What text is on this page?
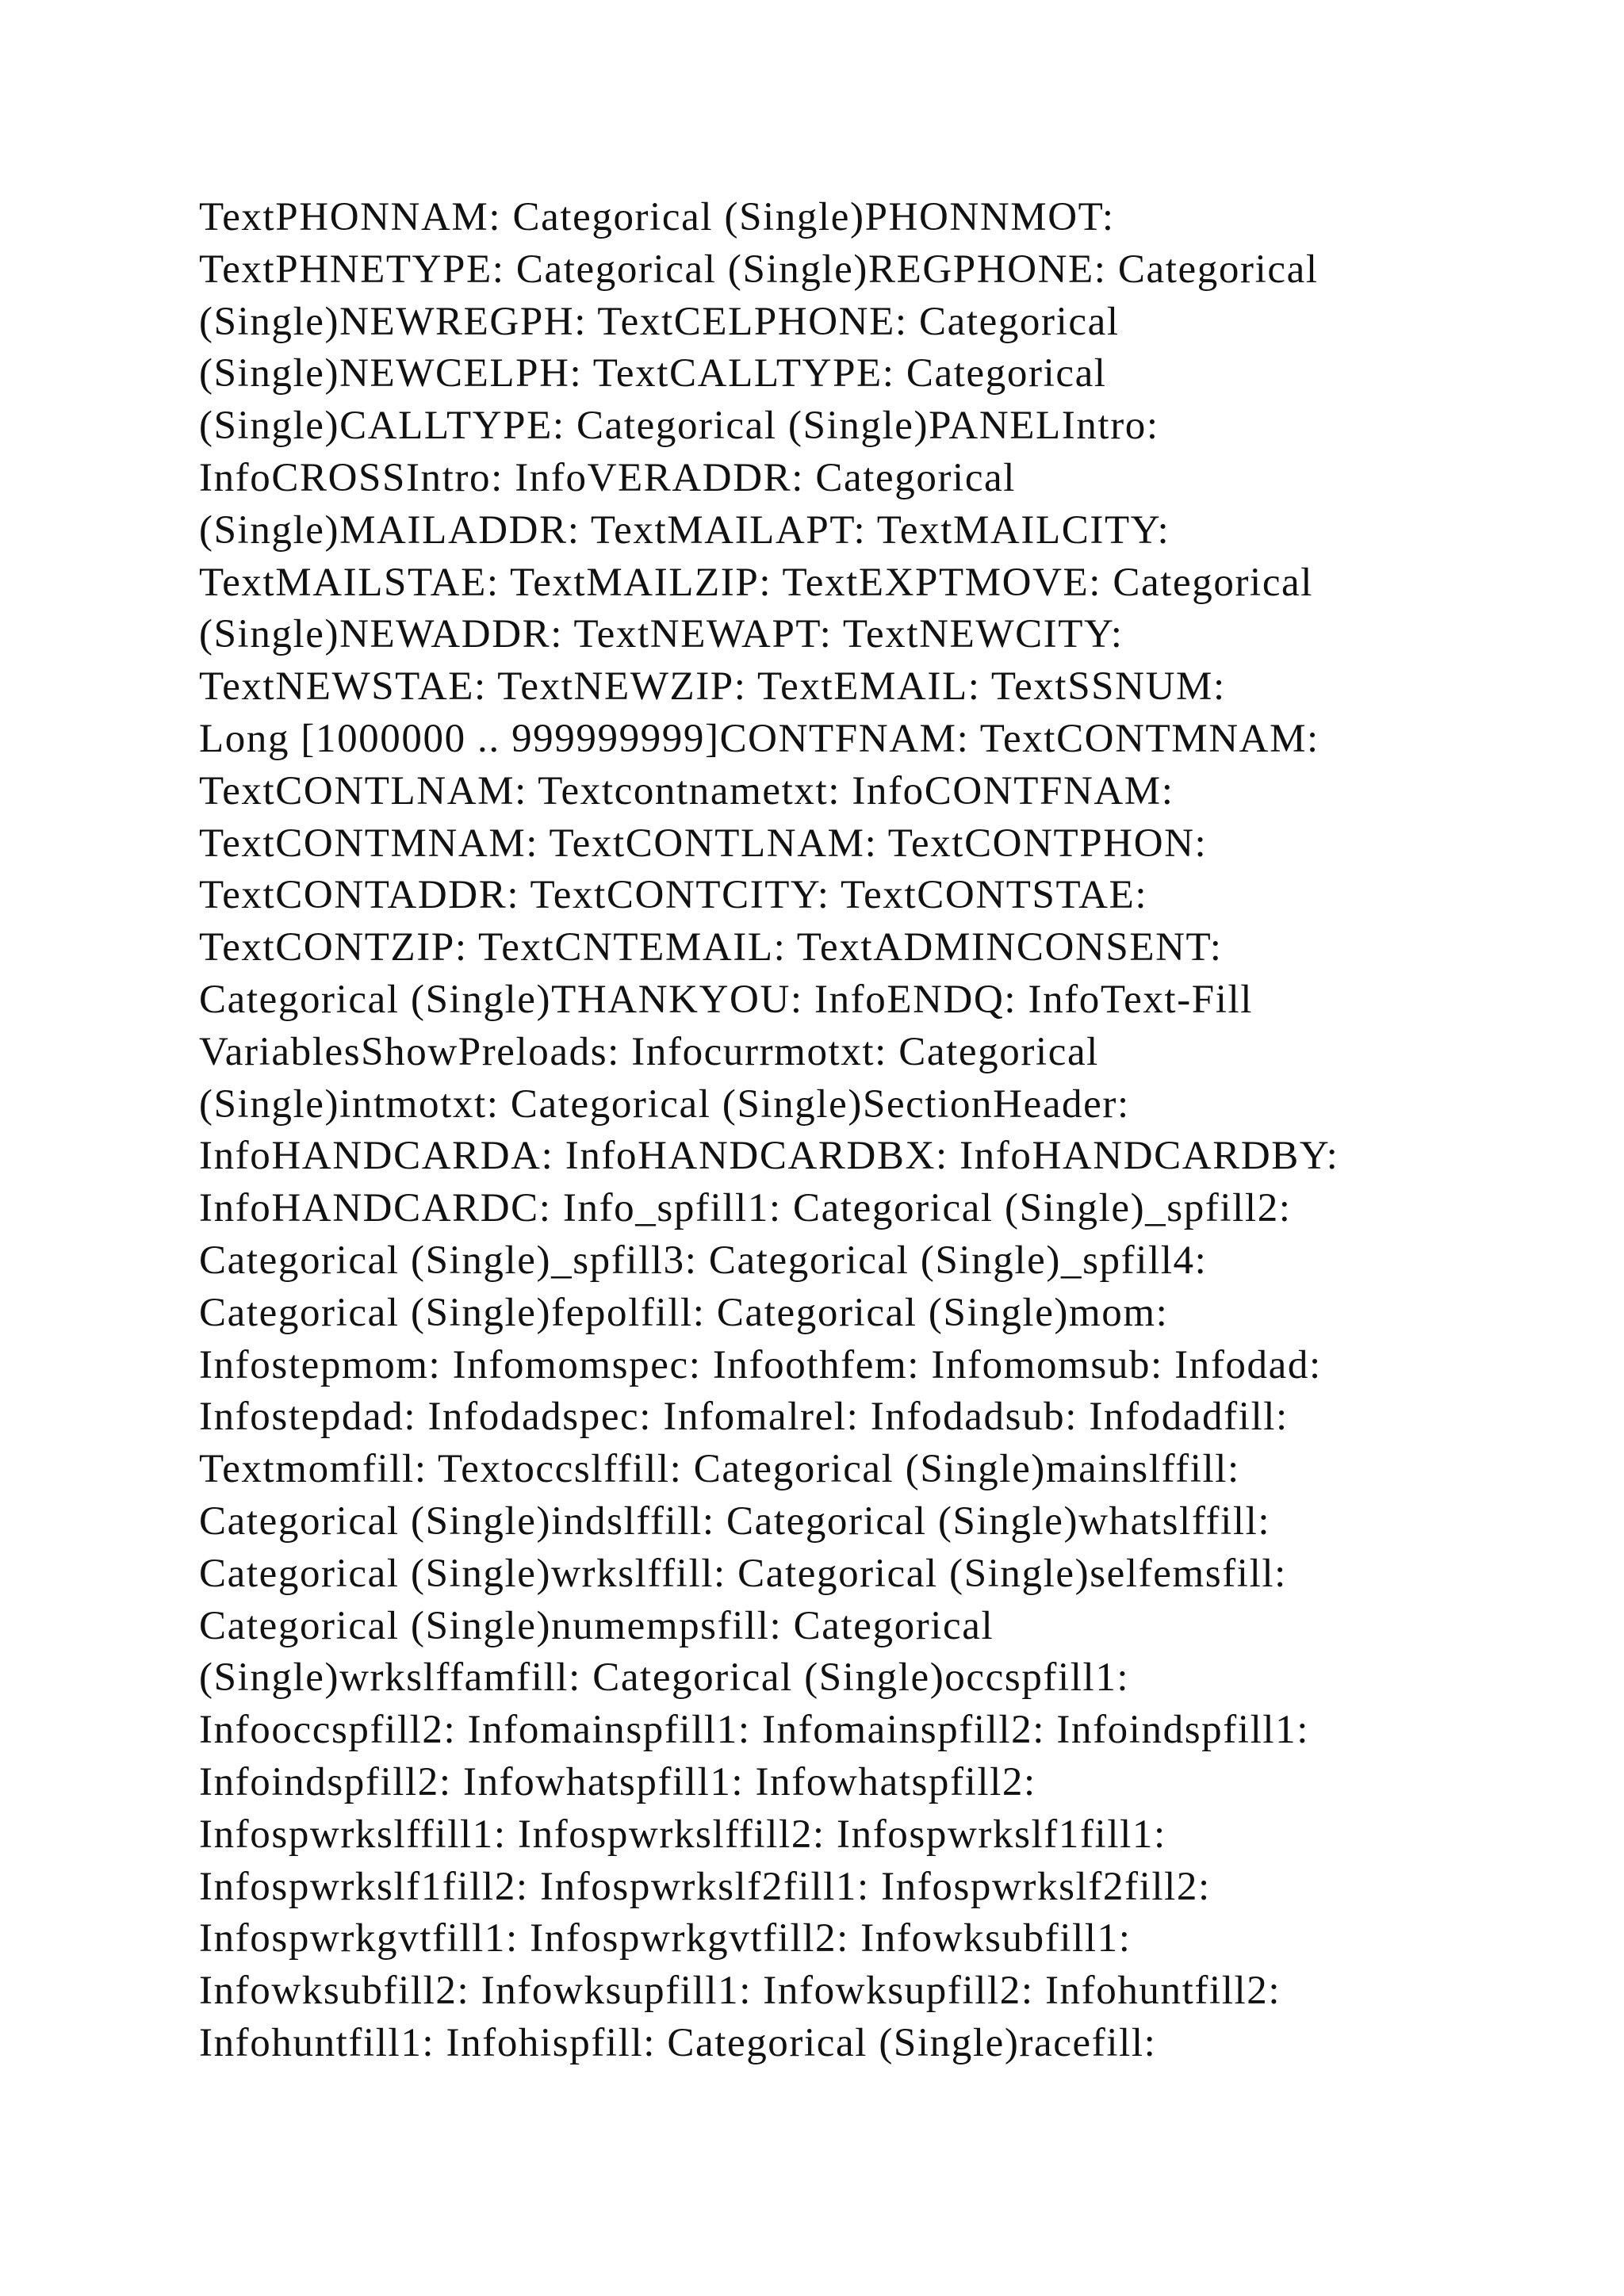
TextPHONNAM: Categorical (Single)PHONNMOT:
TextPHNETYPE: Categorical (Single)REGPHONE: Categorical
(Single)NEWREGPH: TextCELPHONE: Categorical
(Single)NEWCELPH: TextCALLTYPE: Categorical
(Single)CALLTYPE: Categorical (Single)PANELIntro:
InfoCROSSIntro: InfoVERADDR: Categorical
(Single)MAILADDR: TextMAILAPT: TextMAILCITY:
TextMAILSTAE: TextMAILZIP: TextEXPTMOVE: Categorical
(Single)NEWADDR: TextNEWAPT: TextNEWCITY:
TextNEWSTAE: TextNEWZIP: TextEMAIL: TextSSNUM:
Long [1000000 .. 999999999]CONTFNAM: TextCONTMNAM:
TextCONTLNAM: Textcontnametxt: InfoCONTFNAM:
TextCONTMNAM: TextCONTLNAM: TextCONTPHON:
TextCONTADDR: TextCONTCITY: TextCONTSTAE:
TextCONTZIP: TextCNTEMAIL: TextADMINCONSENT:
Categorical (Single)THANKYOU: InfoENDQ: InfoText-Fill
VariablesShowPreloads: Infocurrmotxt: Categorical
(Single)intmotxt: Categorical (Single)SectionHeader:
InfoHANDCARDA: InfoHANDCARDBX: InfoHANDCARDBY:
InfoHANDCARDC: Info_spfill1: Categorical (Single)_spfill2:
Categorical (Single)_spfill3: Categorical (Single)_spfill4:
Categorical (Single)fepolfill: Categorical (Single)mom:
Infostepmom: Infomomspec: Infoothfem: Infomomsub: Infodad:
Infostepdad: Infodadspec: Infomalrel: Infodadsub: Infodadfill:
Textmomfill: Textoccslffill: Categorical (Single)mainslffill:
Categorical (Single)indslffill: Categorical (Single)whatslffill:
Categorical (Single)wrkslffill: Categorical (Single)selfemsfill:
Categorical (Single)numempsfill: Categorical
(Single)wrkslffamfill: Categorical (Single)occspfill1:
Infooccspfill2: Infomainspfill1: Infomainspfill2: Infoindspfill1:
Infoindspfill2: Infowhatspfill1: Infowhatspfill2:
Infospwrkslffill1: Infospwrkslffill2: Infospwrkslf1fill1:
Infospwrkslf1fill2: Infospwrkslf2fill1: Infospwrkslf2fill2:
Infospwrkgvtfill1: Infospwrkgvtfill2: Infowksubfill1:
Infowksubfill2: Infowksupfill1: Infowksupfill2: Infohuntfill2:
Infohuntfill1: Infohispfill: Categorical (Single)racefill:
